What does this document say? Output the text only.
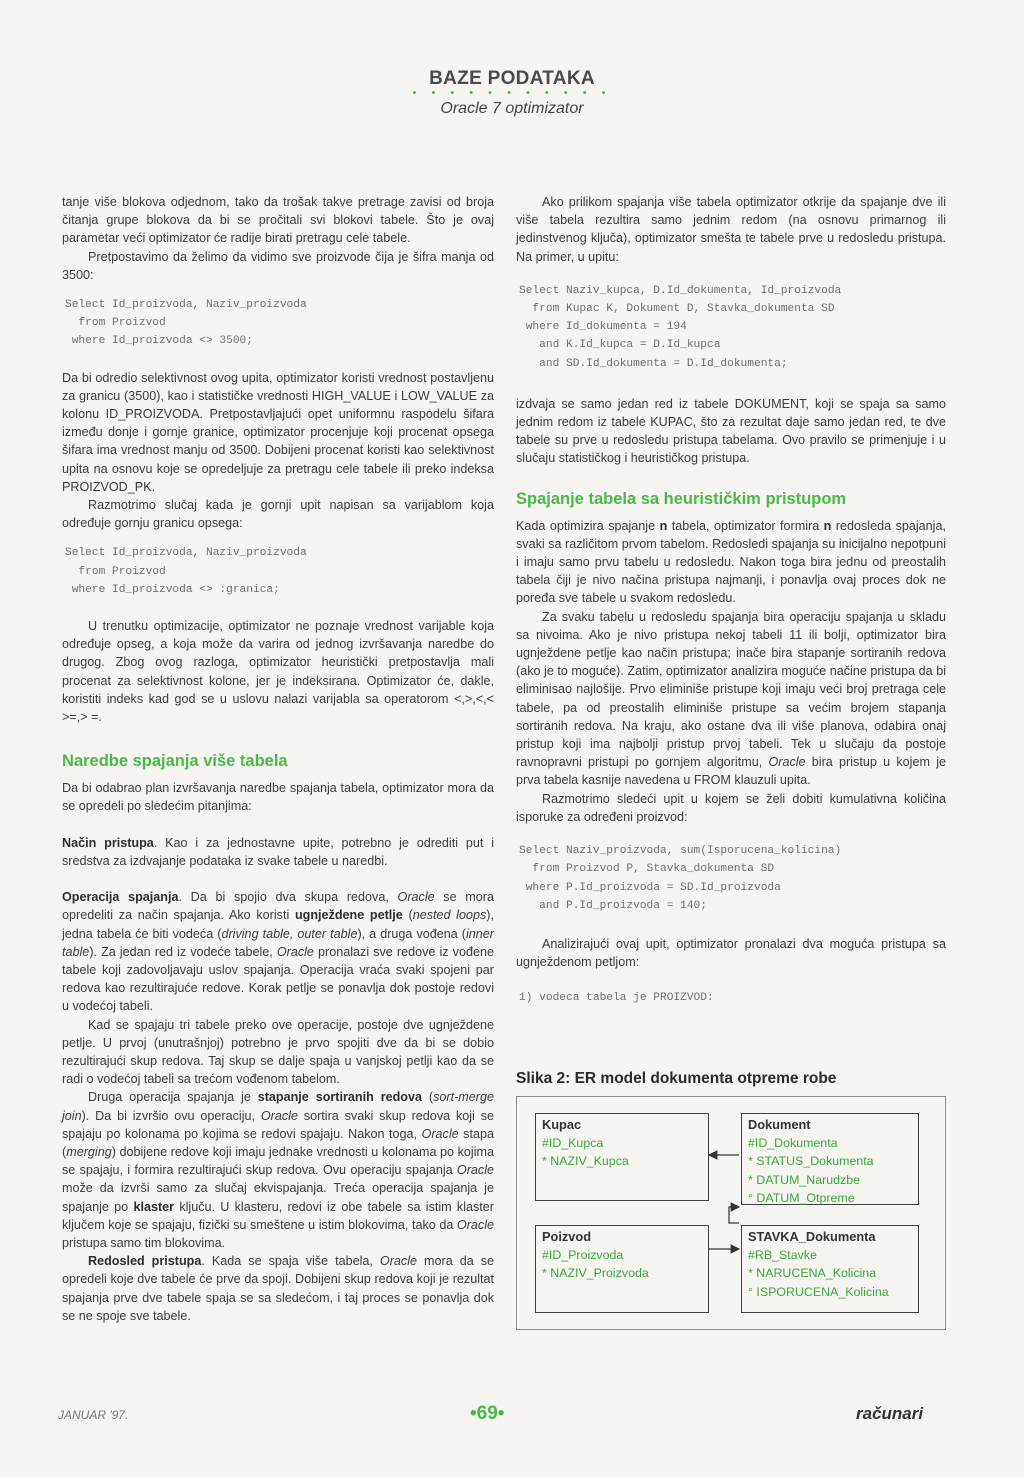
BAZE PODATAKA
• • • • • • • • • • •
Oracle 7 optimizator

tanje više blokova odjednom, tako da trošak takve pretrage zavisi od broja čitanja grupe blokova da bi se pročitali svi blokovi tabele. Što je ovaj parametar veći optimizator će radije birati pretragu cele tabele.

Pretpostavimo da želimo da vidimo sve proizvode čija je šifra manja od 3500:

Select Id_proizvoda, Naziv_proizvoda
from Proizvod
where Id_proizvoda <> 3500;

Da bi odredio selektivnost ovog upita, optimizator koristi vrednost postavljenu za granicu (3500), kao i statističke vrednosti HIGH_VALUE i LOW_VALUE za kolonu ID_PROIZVODA. Pretpostavljajući opet uniformnu raspodelu šifara između donje i gornje granice, optimizator procenjuje koji procenat opsega šifara ima vrednost manju od 3500. Dobijeni procenat koristi kao selektivnost upita na osnovu koje se opredeljuje za pretragu cele tabele ili preko indeksa PROIZVOD_PK.

Razmotrimo slučaj kada je gornji upit napisan sa varijablom koja određuje gornju granicu opsega:

Select Id_proizvoda, Naziv_proizvoda
from Proizvod
where Id_proizvoda <> :granica;

U trenutku optimizacije, optimizator ne poznaje vrednost varijable koja određuje opseg, a koja može da varira od jednog izvršavanja naredbe do drugog. Zbog ovog razloga, optimizator heuristički pretpostavlja mali procenat za selektivnost kolone, jer je indeksirana. Optimizator će, dakle, koristiti indeks kad god se u uslovu nalazi varijabla sa operatorom <,>,<,< >=,> =.

Naredbe spajanja više tabela

Da bi odabrao plan izvršavanja naredbe spajanja tabela, optimizator mora da se opredeli po sledećim pitanjima:

Način pristupa. Kao i za jednostavne upite, potrebno je odrediti put i sredstva za izdvajanje podataka iz svake tabele u naredbi.

Operacija spajanja. Da bi spojio dva skupa redova, Oracle se mora opredeliti za način spajanja. Ako koristi ugnježdene petlje (nested loops), jedna tabela će biti vodeća (driving table, outer table), a druga vođena (inner table). Za jedan red iz vodeće tabele, Oracle pronalazi sve redove iz vođene tabele koji zadovoljavaju uslov spajanja. Operacija vraća svaki spojeni par redova kao rezultirajuće redove. Korak petlje se ponavlja dok postoje redovi u vodećoj tabeli.

Kad se spajaju tri tabele preko ove operacije, postoje dve ugnježdene petlje. U prvoj (unutrašnjoj) potrebno je prvo spojiti dve da bi se dobio rezultirajući skup redova. Taj skup se dalje spaja u vanjskoj petlji kao da se radi o vodećoj tabeli sa trećom vođenom tabelom.

Druga operacija spajanja je stapanje sortiranih redova (sort-merge join). Da bi izvršio ovu operaciju, Oracle sortira svaki skup redova koji se spajaju po kolonama po kojima se redovi spajaju. Nakon toga, Oracle stapa (merging) dobijene redove koji imaju jednake vrednosti u kolonama po kojima se spajaju, i formira rezultirajući skup redova. Ovu operaciju spajanja Oracle može da izvrši samo za slučaj ekvispajanja. Treća operacija spajanja je spajanje po klaster ključu. U klasteru, redovi iz obe tabele sa istim klaster ključem koje se spajaju, fizički su smeštene u istim blokovima, tako da Oracle pristupa samo tim blokovima.

Redosled pristupa. Kada se spaja više tabela, Oracle mora da se opredeli koje dve tabele će prve da spoji. Dobijeni skup redova koji je rezultat spajanja prve dve tabele spaja se sa sledećom, i taj proces se ponavlja dok se ne spoje sve tabele.

Ako prilikom spajanja više tabela optimizator otkrije da spajanje dve ili više tabela rezultira samo jednim redom (na osnovu primarnog ili jedinstvenog ključa), optimizator smešta te tabele prve u redosledu pristupa. Na primer, u upitu:

Select Naziv_kupca, D.Id_dokumenta, Id_proizvoda
from Kupac K, Dokument D, Stavka_dokumenta SD
where Id_dokumenta = 194
and K.Id_kupca = D.Id_kupca
and SD.Id_dokumenta = D.Id_dokumenta;

izdvaja se samo jedan red iz tabele DOKUMENT, koji se spaja sa samo jednim redom iz tabele KUPAC, što za rezultat daje samo jedan red, te dve tabele su prve u redosledu pristupa tabelama. Ovo pravilo se primenjuje i u slučaju statističkog i heurističkog pristupa.

Spajanje tabela sa heurističkim pristupom

Kada optimizira spajanje n tabela, optimizator formira n redosleda spajanja, svaki sa različitom prvom tabelom. Redosledi spajanja su inicijalno nepotpuni i imaju samo prvu tabelu u redosledu. Nakon toga bira jednu od preostalih tabela čiji je nivo načina pristupa najmanji, i ponavlja ovaj proces dok ne poređa sve tabele u svakom redosledu.

Za svaku tabelu u redosledu spajanja bira operaciju spajanja u skladu sa nivoima. Ako je nivo pristupa nekoj tabeli 11 ili bolji, optimizator bira ugnježdene petlje kao način pristupa; inače bira stapanje sortiranih redova (ako je to moguće). Zatim, optimizator analizira moguće načine pristupa da bi eliminisao najlošije. Prvo eliminiše pristupe koji imaju veći broj pretraga cele tabele, pa od preostalih eliminiše pristupe sa većim brojem stapanja sortiranih redova. Na kraju, ako ostane dva ili više planova, odabira onaj pristup koji ima najbolji pristup prvoj tabeli. Tek u slučaju da postoje ravnopravni pristupi po gornjem algoritmu, Oracle bira pristup u kojem je prva tabela kasnije navedena u FROM klauzuli upita.

Razmotrimo sledeći upit u kojem se želi dobiti kumulativna količina isporuke za određeni proizvod:

Select Naziv_proizvoda, sum(Isporucena_kolicina)
from Proizvod P, Stavka_dokumenta SD
where P.Id_proizvoda = SD.Id_proizvoda
and P.Id_proizvoda = 140;

Analizirajući ovaj upit, optimizator pronalazi dva moguća pristupa sa ugnježdenom petljom:

1) vodeca tabela je PROIZVOD:
Slika 2: ER model dokumenta otpreme robe
Kupac
#ID_Kupca
* NAZIV_Kupca
Dokument
#ID_Dokumenta
* STATUS_Dokumenta
* DATUM_Narudzbe
° DATUM_Otpreme
Poizvod
#ID_Proizvoda
* NAZIV_Proizvoda
STAVKA_Dokumenta
#RB_Stavke
* NARUCENA_Kolicina
° ISPORUCENA_Kolicina
JANUAR '97.	•69•	računari
